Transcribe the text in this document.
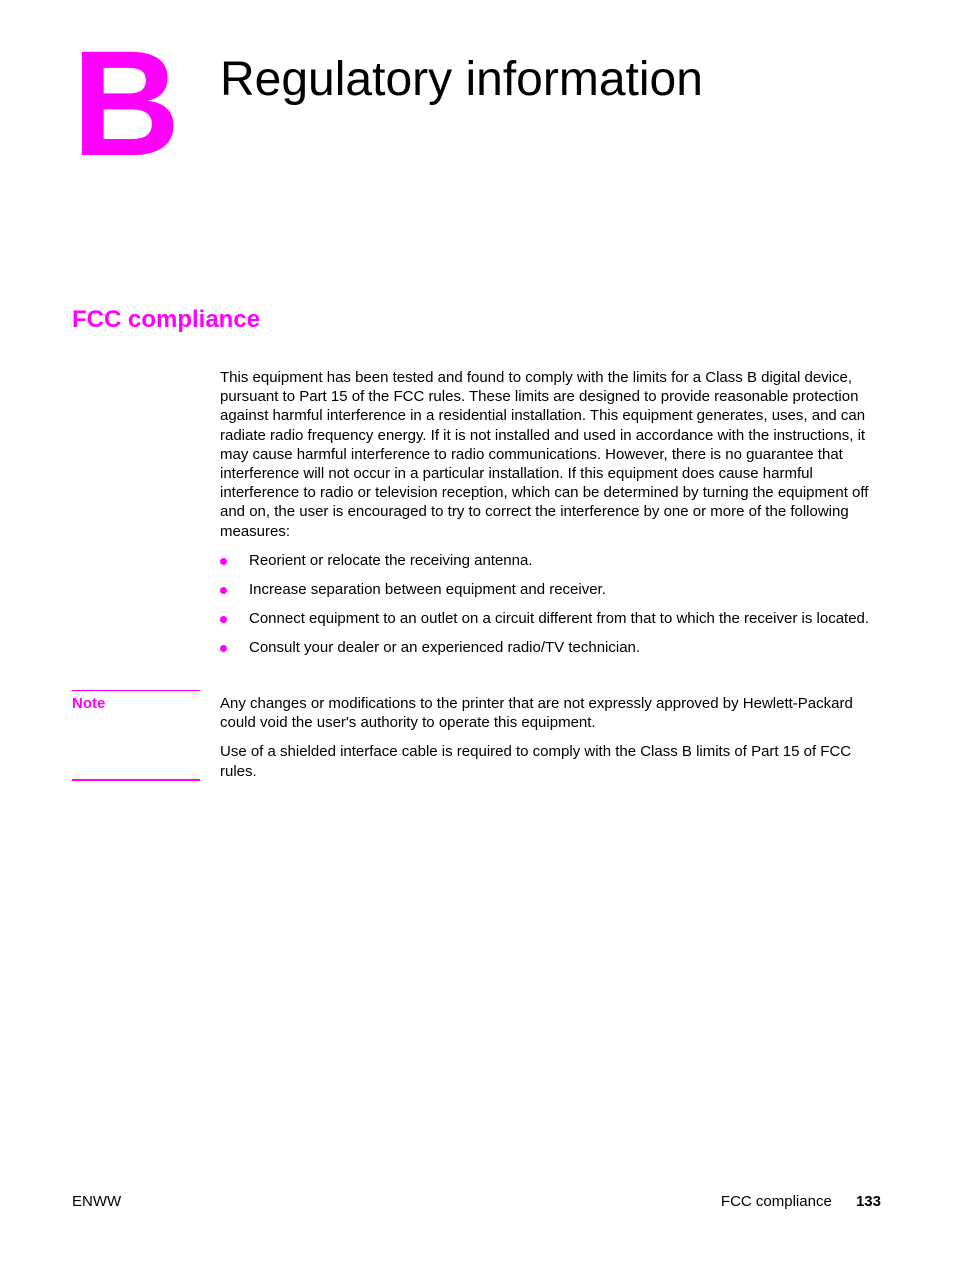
B Regulatory information
FCC compliance

This equipment has been tested and found to comply with the limits for a Class B digital device, pursuant to Part 15 of the FCC rules. These limits are designed to provide reasonable protection against harmful interference in a residential installation. This equipment generates, uses, and can radiate radio frequency energy. If it is not installed and used in accordance with the instructions, it may cause harmful interference to radio communications. However, there is no guarantee that interference will not occur in a particular installation. If this equipment does cause harmful interference to radio or television reception, which can be determined by turning the equipment off and on, the user is encouraged to try to correct the interference by one or more of the following measures:

Reorient or relocate the receiving antenna.
Increase separation between equipment and receiver.
Connect equipment to an outlet on a circuit different from that to which the receiver is located.
Consult your dealer or an experienced radio/TV technician.
Note	Any changes or modifications to the printer that are not expressly approved by Hewlett-Packard could void the user's authority to operate this equipment.

Use of a shielded interface cable is required to comply with the Class B limits of Part 15 of FCC rules.

ENWW	FCC compliance 133
